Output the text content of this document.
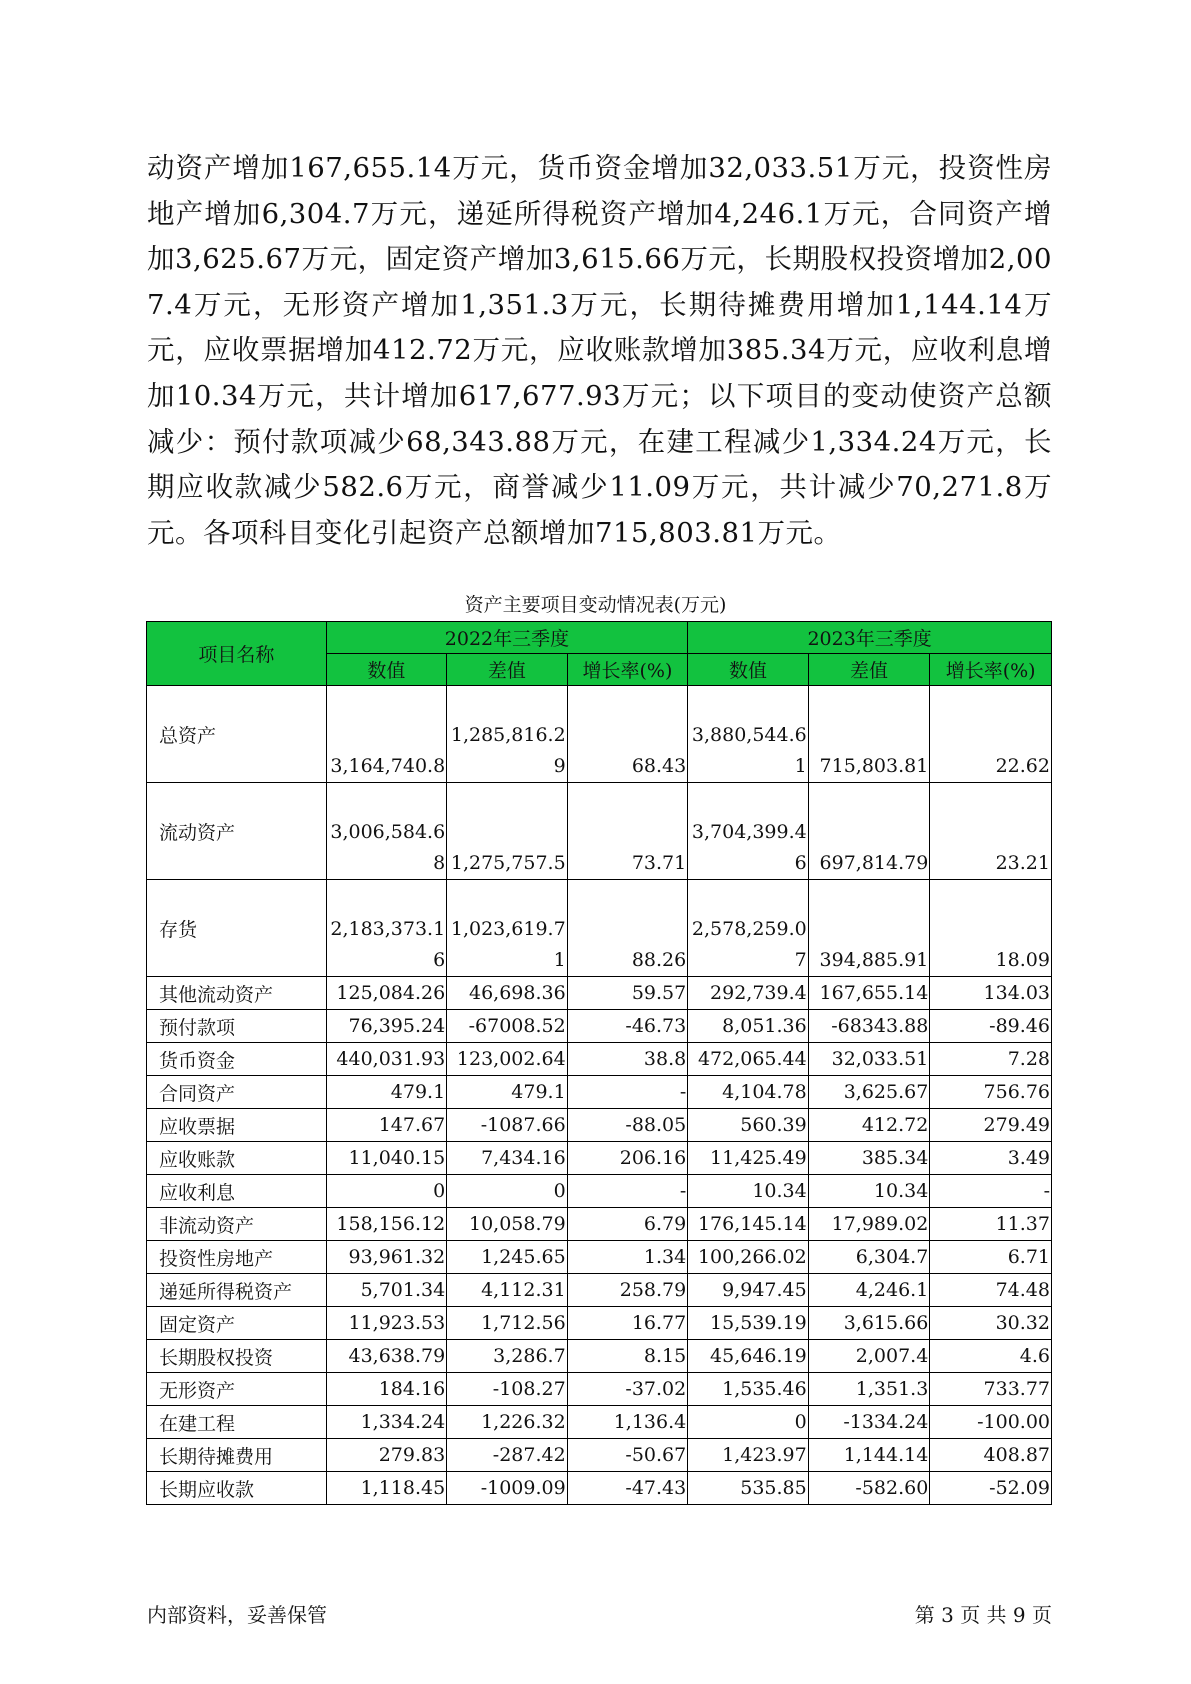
动资产增加167,655.14万元，货币资金增加32,033.51万元，投资性房地产增加6,304.7万元，递延所得税资产增加4,246.1万元，合同资产增加3,625.67万元，固定资产增加3,615.66万元，长期股权投资增加2,007.4万元，无形资产增加1,351.3万元，长期待摊费用增加1,144.14万元，应收票据增加412.72万元，应收账款增加385.34万元，应收利息增加10.34万元，共计增加617,677.93万元；以下项目的变动使资产总额减少：预付款项减少68,343.88万元，在建工程减少1,334.24万元，长期应收款减少582.6万元，商誉减少11.09万元，共计减少70,271.8万元。各项科目变化引起资产总额增加715,803.81万元。

资产主要项目变动情况表(万元)
项目名称	2022年三季度			2023年三季度		
	数值	差值	增长率(%)	数值	差值	增长率(%)
总资产	3,164,740.8	1,285,816.29	68.43	3,880,544.61	715,803.81	22.62
流动资产	3,006,584.68	1,275,757.5	73.71	3,704,399.46	697,814.79	23.21
存货	2,183,373.16	1,023,619.71	88.26	2,578,259.07	394,885.91	18.09
其他流动资产	125,084.26	46,698.36	59.57	292,739.4	167,655.14	134.03
预付款项	76,395.24	-67008.52	-46.73	8,051.36	-68343.88	-89.46
货币资金	440,031.93	123,002.64	38.8	472,065.44	32,033.51	7.28
合同资产	479.1	479.1	-	4,104.78	3,625.67	756.76
应收票据	147.67	-1087.66	-88.05	560.39	412.72	279.49
应收账款	11,040.15	7,434.16	206.16	11,425.49	385.34	3.49
应收利息	0	0	-	10.34	10.34	-
非流动资产	158,156.12	10,058.79	6.79	176,145.14	17,989.02	11.37
投资性房地产	93,961.32	1,245.65	1.34	100,266.02	6,304.7	6.71
递延所得税资产	5,701.34	4,112.31	258.79	9,947.45	4,246.1	74.48
固定资产	11,923.53	1,712.56	16.77	15,539.19	3,615.66	30.32
长期股权投资	43,638.79	3,286.7	8.15	45,646.19	2,007.4	4.6
无形资产	184.16	-108.27	-37.02	1,535.46	1,351.3	733.77
在建工程	1,334.24	1,226.32	1,136.4	0	-1334.24	-100.00
长期待摊费用	279.83	-287.42	-50.67	1,423.97	1,144.14	408.87
长期应收款	1,118.45	-1009.09	-47.43	535.85	-582.60	-52.09
内部资料，妥善保管	第 3 页 共 9 页
